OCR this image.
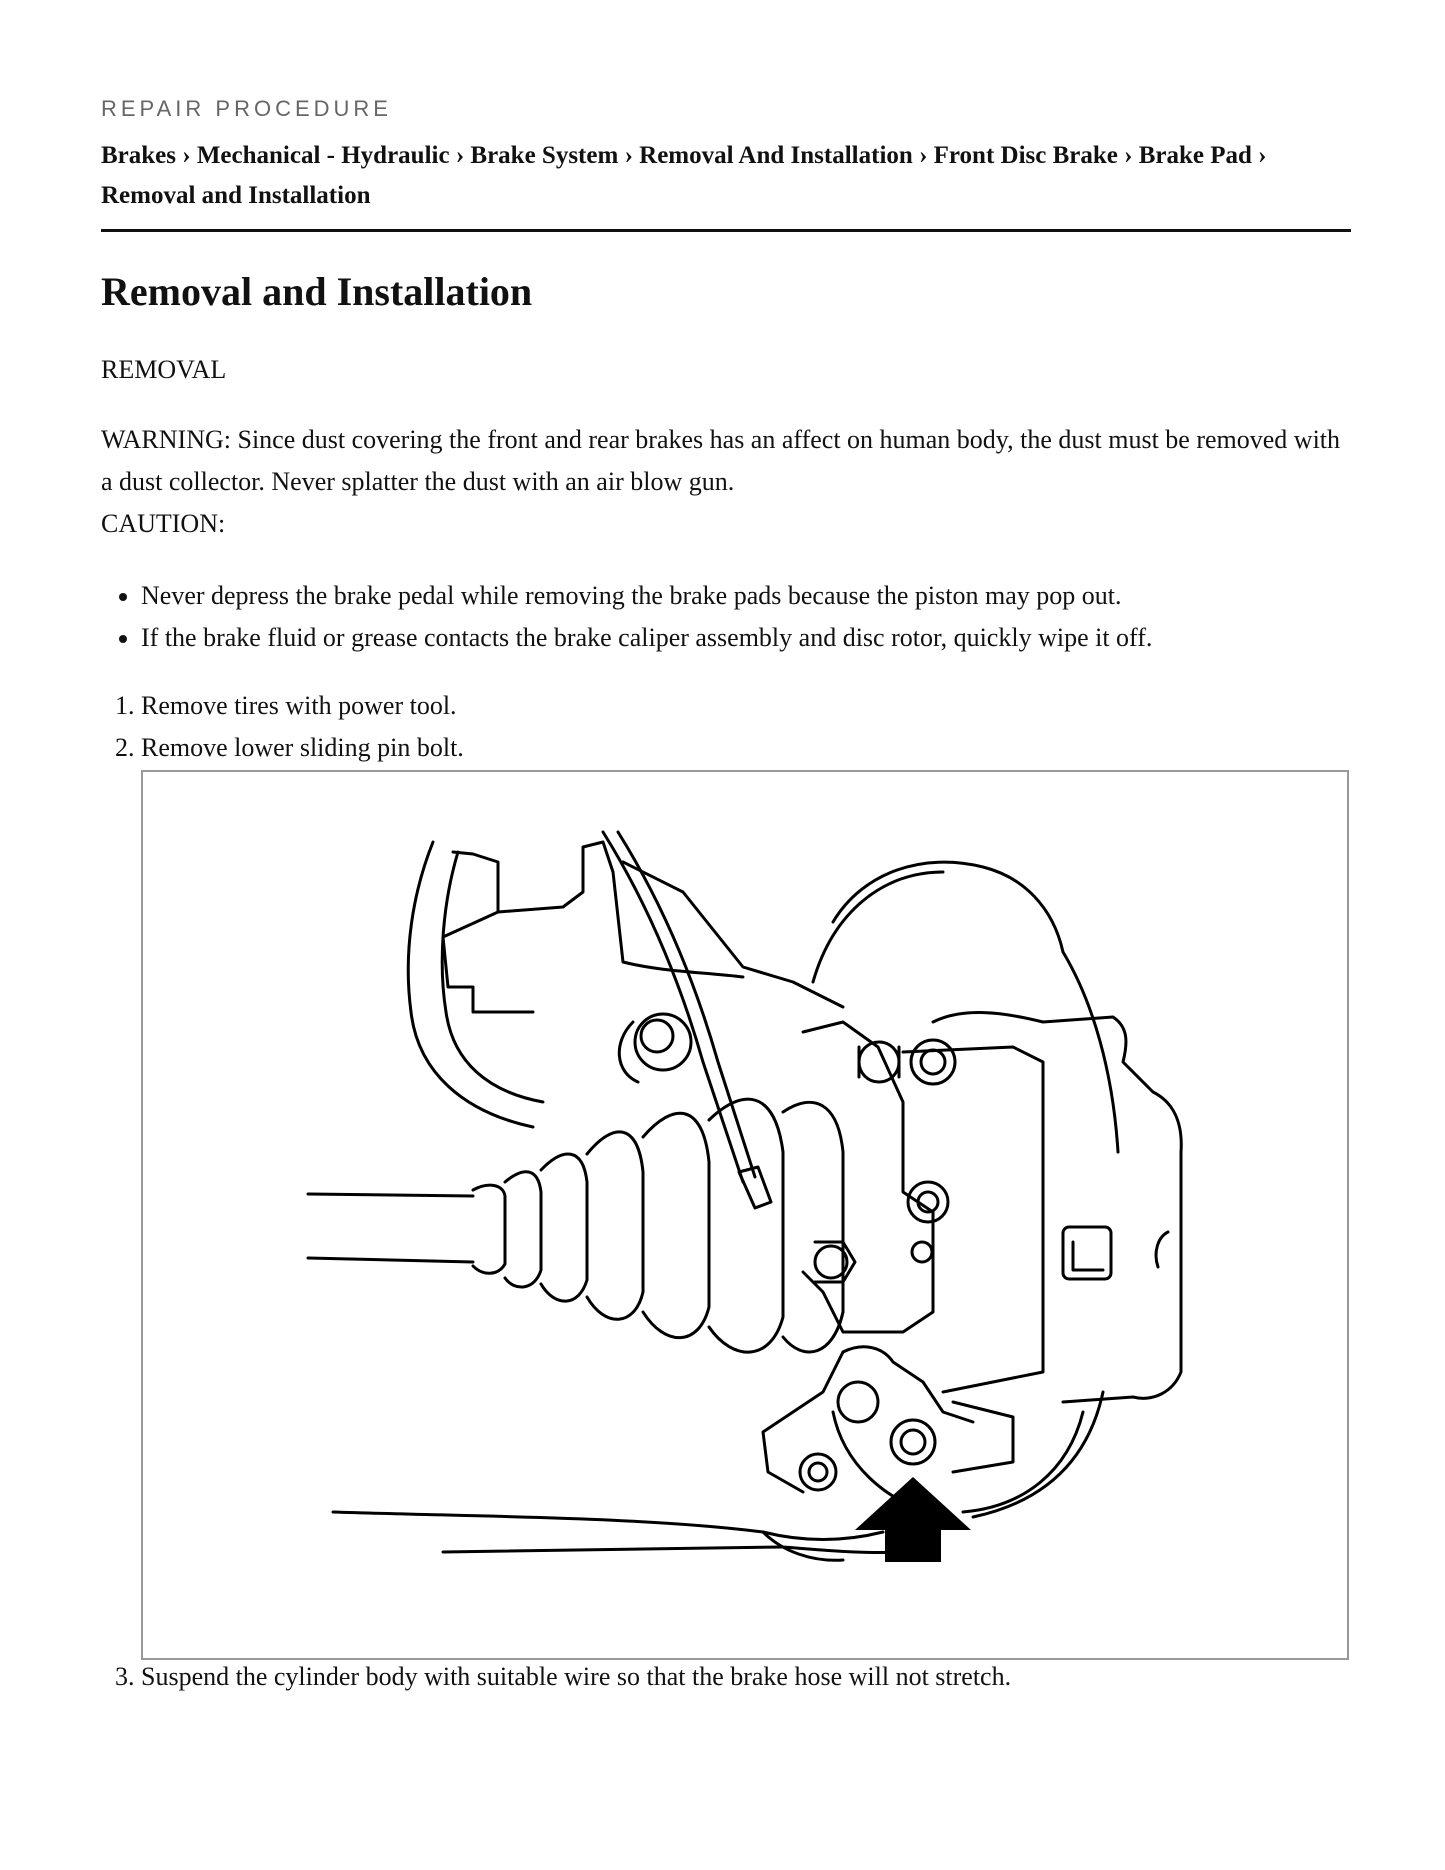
REPAIR PROCEDURE
Brakes › Mechanical - Hydraulic › Brake System › Removal And Installation › Front Disc Brake › Brake Pad ›
Removal and Installation
Removal and Installation

REMOVAL

WARNING: Since dust covering the front and rear brakes has an affect on human body, the dust must be removed with a dust collector. Never splatter the dust with an air blow gun.

CAUTION:

• Never depress the brake pedal while removing the brake pads because the piston may pop out.
• If the brake fluid or grease contacts the brake caliper assembly and disc rotor, quickly wipe it off.
1. Remove tires with power tool.
2. Remove lower sliding pin bolt.
3. Suspend the cylinder body with suitable wire so that the brake hose will not stretch.
